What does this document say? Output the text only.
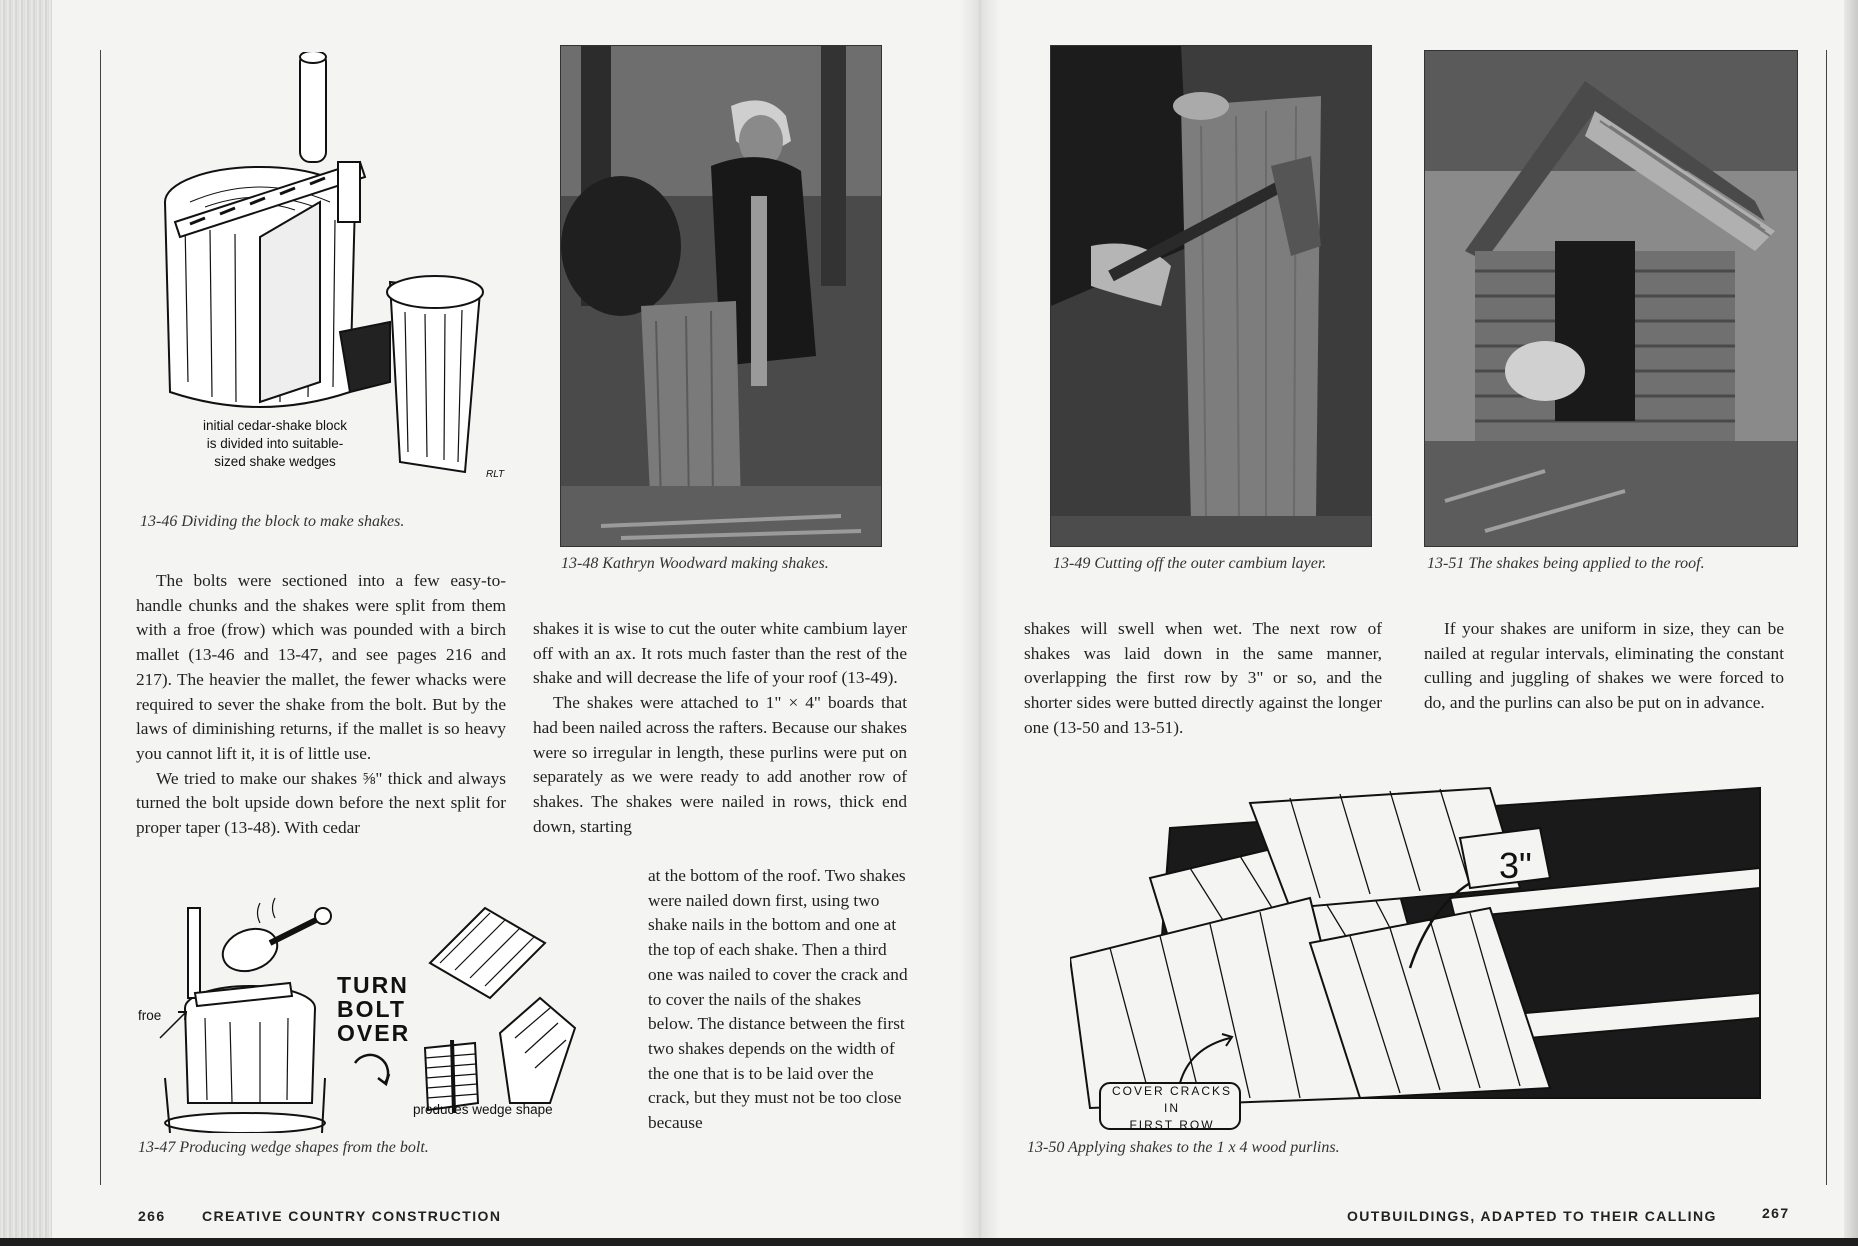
initial cedar-shake block
is divided into suitable-
sized shake wedges
RLT
13-46 Dividing the block to make shakes.
13-48 Kathryn Woodward making shakes.

The bolts were sectioned into a few easy-to-handle chunks and the shakes were split from them with a froe (frow) which was pounded with a birch mallet (13-46 and 13-47, and see pages 216 and 217). The heavier the mallet, the fewer whacks were required to sever the shake from the bolt. But by the laws of diminishing returns, if the mallet is so heavy you cannot lift it, it is of little use.

We tried to make our shakes ⅝" thick and always turned the bolt upside down before the next split for proper taper (13-48). With cedar

shakes it is wise to cut the outer white cambium layer off with an ax. It rots much faster than the rest of the shake and will decrease the life of your roof (13-49).

The shakes were attached to 1" × 4" boards that had been nailed across the rafters. Because our shakes were so irregular in length, these purlins were put on separately as we were ready to add another row of shakes. The shakes were nailed in rows, thick end down, starting

at the bottom of the roof. Two shakes were nailed down first, using two shake nails in the bottom and one at the top of each shake. Then a third one was nailed to cover the crack and to cover the nails of the shakes below. The distance between the first two shakes depends on the width of the one that is to be laid over the crack, but they must not be too close because

froe
TURN
BOLT
OVER
produces wedge shape
13-47 Producing wedge shapes from the bolt.
266	CREATIVE COUNTRY CONSTRUCTION
13-49 Cutting off the outer cambium layer.	13-51 The shakes being applied to the roof.

shakes will swell when wet. The next row of shakes was laid down in the same manner, overlapping the first row by 3" or so, and the shorter sides were butted directly against the longer one (13-50 and 13-51).

If your shakes are uniform in size, they can be nailed at regular intervals, eliminating the constant culling and juggling of shakes we were forced to do, and the purlins can also be put on in advance.

3"
COVER CRACKS IN
FIRST ROW
13-50 Applying shakes to the 1 x 4 wood purlins.
OUTBUILDINGS, ADAPTED TO THEIR CALLING	267
